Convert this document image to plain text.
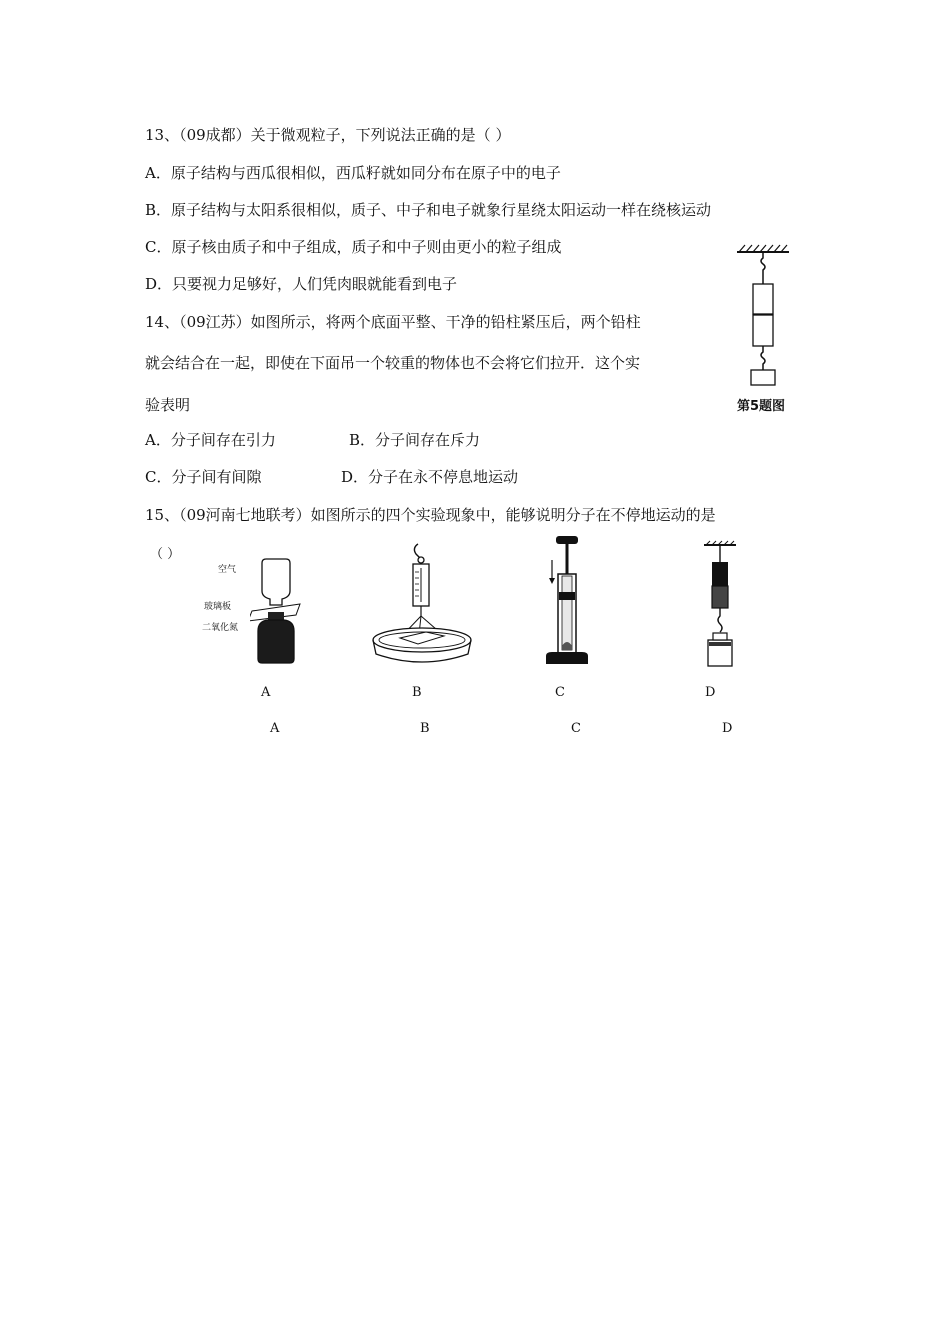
13、（09成都）关于微观粒子，下列说法正确的是（ ）
A．原子结构与西瓜很相似，西瓜籽就如同分布在原子中的电子
B．原子结构与太阳系很相似，质子、中子和电子就象行星绕太阳运动一样在绕核运动
C．原子核由质子和中子组成，质子和中子则由更小的粒子组成
D．只要视力足够好，人们凭肉眼就能看到电子
14、（09江苏）如图所示，将两个底面平整、干净的铅柱紧压后，两个铅柱
就会结合在一起，即使在下面吊一个较重的物体也不会将它们拉开．这个实
验表明
A．分子间存在引力	B．分子间存在斥力
C．分子间有间隙	D．分子在永不停息地运动
第5题图
15、（09河南七地联考）如图所示的四个实验现象中，能够说明分子在不停地运动的是
（ ）
空气
玻璃板
二氧化氮
A	B	C	D
A	B	C	D
